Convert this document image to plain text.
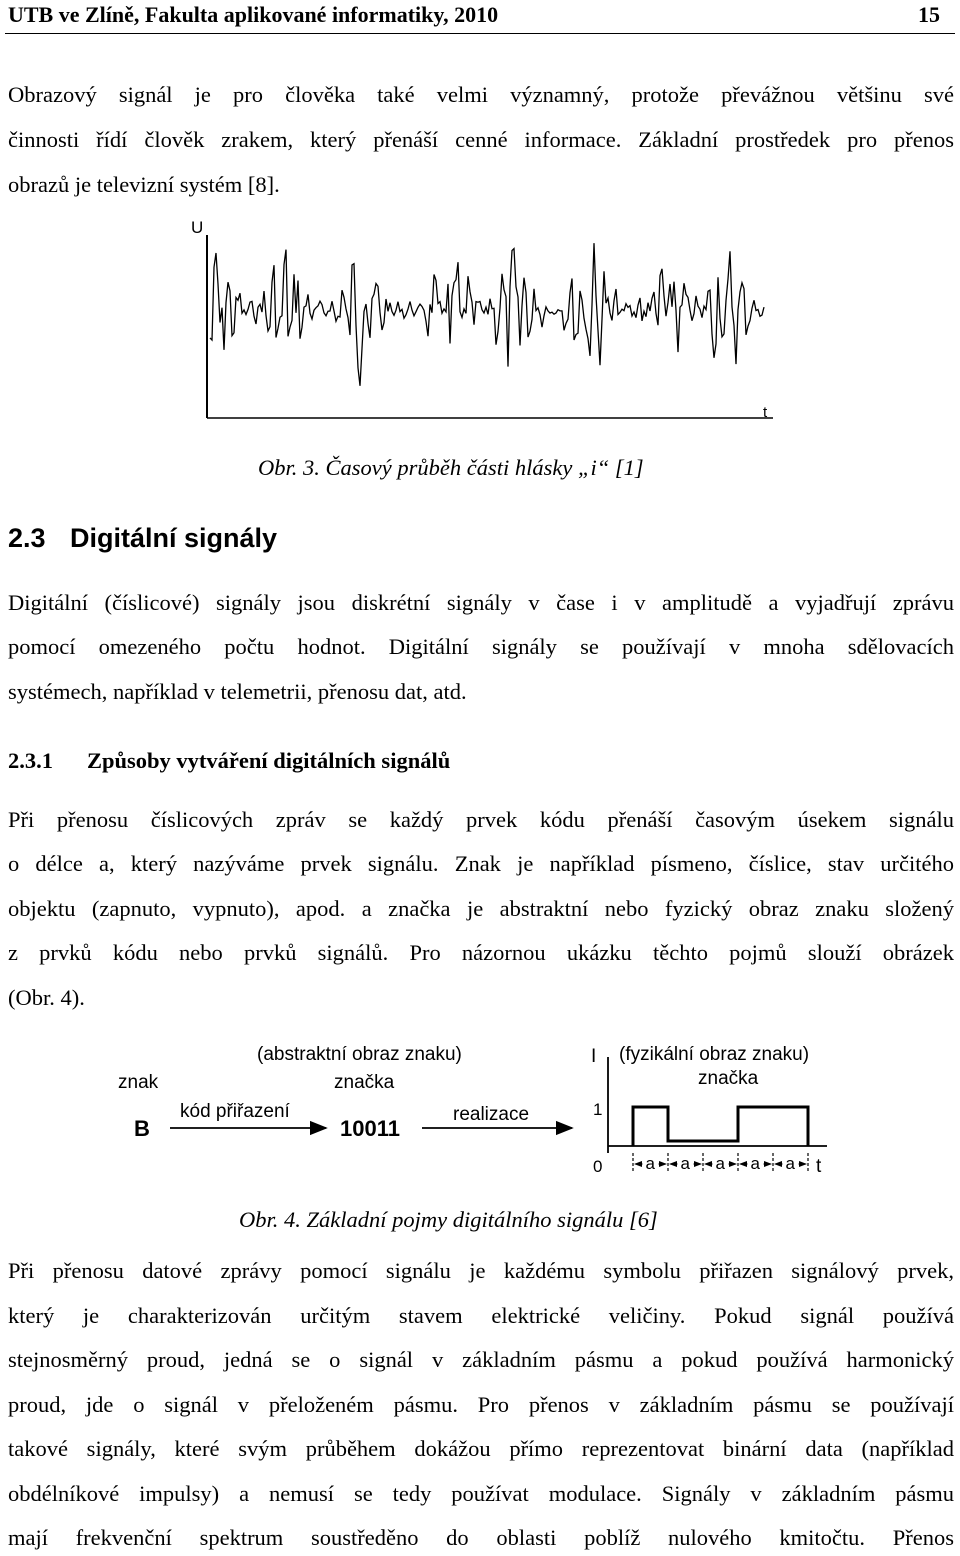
UTB ve Zlíně, Fakulta aplikované informatiky, 2010	15
Obrazový signál je pro člověka také velmi významný, protože převážnou většinu své
činnosti řídí člověk zrakem, který přenáší cenné informace. Základní prostředek pro přenos
obrazů je televizní systém [8].
U
t
Obr. 3. Časový průběh části hlásky „i“ [1]
2.3 Digitální signály
Digitální (číslicové) signály jsou diskrétní signály v čase i v amplitudě a vyjadřují zprávu
pomocí omezeného počtu hodnot. Digitální signály se používají v mnoha sdělovacích
systémech, například v telemetrii, přenosu dat, atd.
2.3.1 Způsoby vytváření digitálních signálů
Při přenosu číslicových zpráv se každý prvek kódu přenáší časovým úsekem signálu
o délce a, který nazýváme prvek signálu. Znak je například písmeno, číslice, stav určitého
objektu (zapnuto, vypnuto), apod. a značka je abstraktní nebo fyzický obraz znaku složený
z prvků kódu nebo prvků signálů. Pro názornou ukázku těchto pojmů slouží obrázek
(Obr. 4).
(abstraktní obraz znaku)
znak	značka
B
kód přiřazení
10011
realizace
I (fyzikální obraz znaku)
značka
1
0	t
a a a a a
Obr. 4. Základní pojmy digitálního signálu [6]
Při přenosu datové zprávy pomocí signálu je každému symbolu přiřazen signálový prvek,
který je charakterizován určitým stavem elektrické veličiny. Pokud signál používá
stejnosměrný proud, jedná se o signál v základním pásmu a pokud používá harmonický
proud, jde o signál v přeloženém pásmu. Pro přenos v základním pásmu se používají
takové signály, které svým průběhem dokážou přímo reprezentovat binární data (například
obdélníkové impulsy) a nemusí se tedy používat modulace. Signály v základním pásmu
mají frekvenční spektrum soustředěno do oblasti poblíž nulového kmitočtu. Přenos
